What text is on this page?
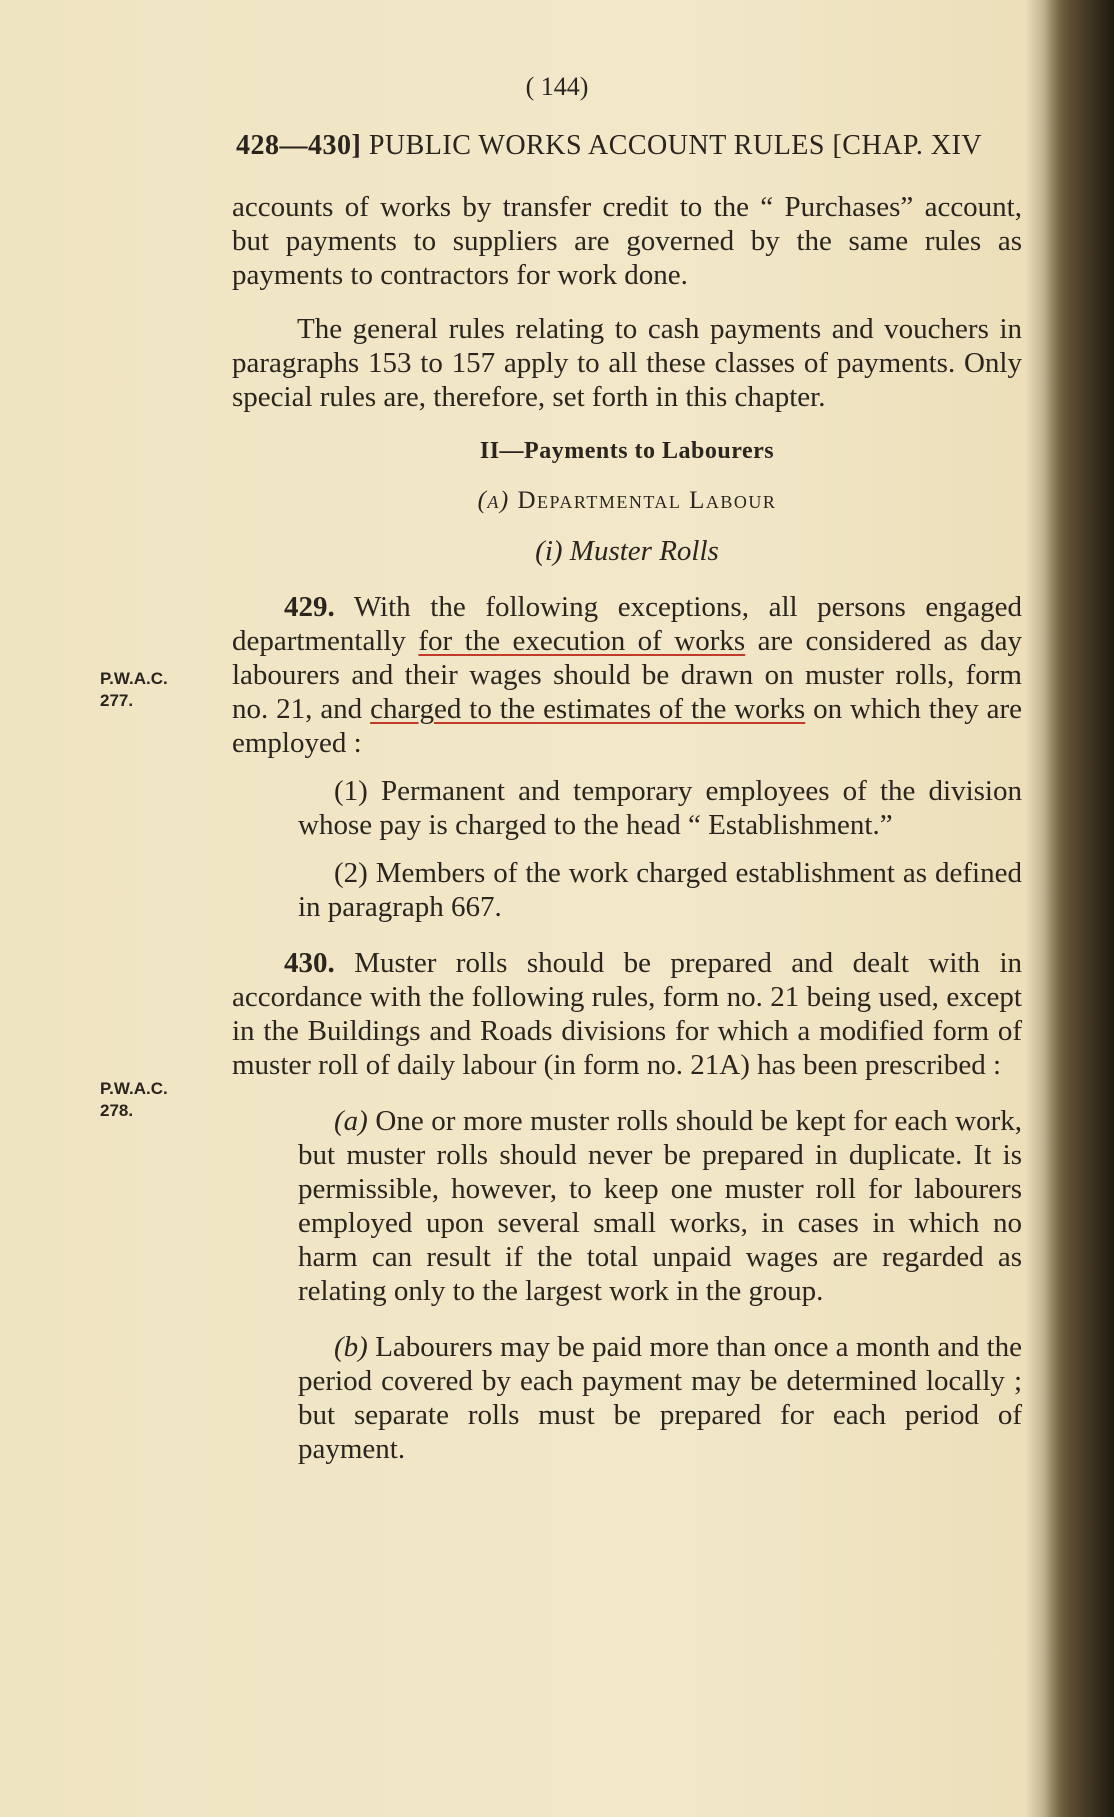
( 144)
428—430] PUBLIC WORKS ACCOUNT RULES [CHAP. XIV
P.W.A.C.
277.
P.W.A.C.
278.

accounts of works by transfer credit to the “ Purchases” account, but payments to suppliers are governed by the same rules as payments to contractors for work done.

The general rules relating to cash payments and vouchers in paragraphs 153 to 157 apply to all these classes of payments. Only special rules are, therefore, set forth in this chapter.

II—Payments to Labourers

(a) Departmental Labour

(i) Muster Rolls

429. With the following exceptions, all persons engaged departmentally for the execution of works are considered as day labourers and their wages should be drawn on muster rolls, form no. 21, and charged to the estimates of the works on which they are employed :

(1) Permanent and temporary employees of the division whose pay is charged to the head “ Establishment.”

(2) Members of the work charged establishment as defined in paragraph 667.

430. Muster rolls should be prepared and dealt with in accordance with the following rules, form no. 21 being used, except in the Buildings and Roads divisions for which a modified form of muster roll of daily labour (in form no. 21A) has been prescribed :

(a) One or more muster rolls should be kept for each work, but muster rolls should never be prepared in duplicate. It is permissible, however, to keep one muster roll for labourers employed upon several small works, in cases in which no harm can result if the total unpaid wages are regarded as relating only to the largest work in the group.

(b) Labourers may be paid more than once a month and the period covered by each payment may be determined locally ; but separate rolls must be prepared for each period of payment.
